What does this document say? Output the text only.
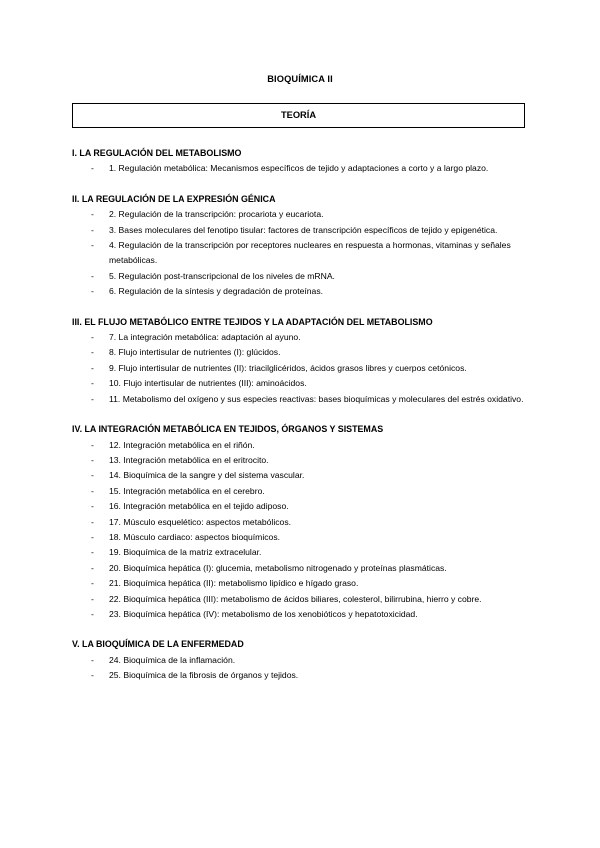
BIOQUÍMICA II
TEORÍA
I. LA REGULACIÓN DEL METABOLISMO
- 1. Regulación metabólica: Mecanismos específicos de tejido y adaptaciones a corto y a largo plazo.
II. LA REGULACIÓN DE LA EXPRESIÓN GÉNICA
- 2. Regulación de la transcripción: procariota y eucariota.
- 3. Bases moleculares del fenotipo tisular: factores de transcripción específicos de tejido y epigenética.
- 4. Regulación de la transcripción por receptores nucleares en respuesta a hormonas, vitaminas y señales metabólicas.
- 5. Regulación post-transcripcional de los niveles de mRNA.
- 6. Regulación de la síntesis y degradación de proteínas.
III. EL FLUJO METABÓLICO ENTRE TEJIDOS Y LA ADAPTACIÓN DEL METABOLISMO
- 7. La integración metabólica: adaptación al ayuno.
- 8. Flujo intertisular de nutrientes (I): glúcidos.
- 9. Flujo intertisular de nutrientes (II): triacilglicéridos, ácidos grasos libres y cuerpos cetónicos.
- 10. Flujo intertisular de nutrientes (III): aminoácidos.
- 11. Metabolismo del oxígeno y sus especies reactivas: bases bioquímicas y moleculares del estrés oxidativo.
IV. LA INTEGRACIÓN METABÓLICA EN TEJIDOS, ÓRGANOS Y SISTEMAS
- 12. Integración metabólica en el riñón.
- 13. Integración metabólica en el eritrocito.
- 14. Bioquímica de la sangre y del sistema vascular.
- 15. Integración metabólica en el cerebro.
- 16. Integración metabólica en el tejido adiposo.
- 17. Músculo esquelético: aspectos metabólicos.
- 18. Músculo cardiaco: aspectos bioquímicos.
- 19. Bioquímica de la matriz extracelular.
- 20. Bioquímica hepática (I): glucemia, metabolismo nitrogenado y proteínas plasmáticas.
- 21. Bioquímica hepática (II): metabolismo lipídico e hígado graso.
- 22. Bioquímica hepática (III): metabolismo de ácidos biliares, colesterol, bilirrubina, hierro y cobre.
- 23. Bioquímica hepática (IV): metabolismo de los xenobióticos y hepatotoxicidad.
V. LA BIOQUÍMICA DE LA ENFERMEDAD
- 24. Bioquímica de la inflamación.
- 25. Bioquímica de la fibrosis de órganos y tejidos.
